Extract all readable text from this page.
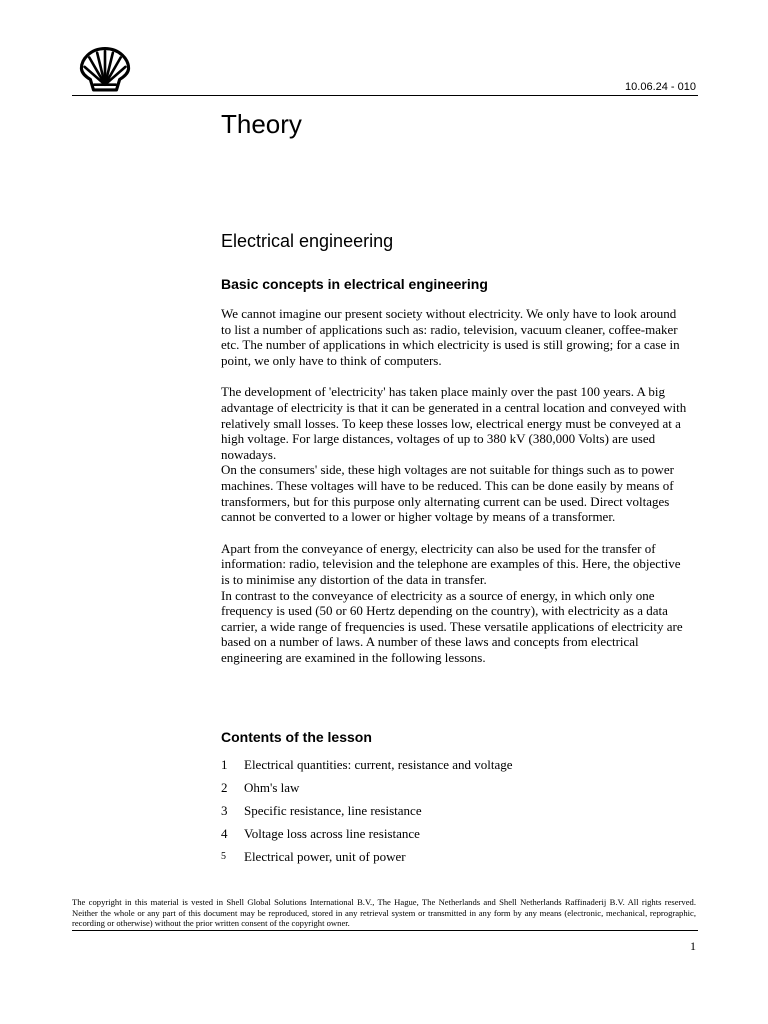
10.06.24 - 010
Theory
Electrical engineering
Basic concepts in electrical engineering

We cannot imagine our present society without electricity. We only have to look around to list a number of applications such as: radio, television, vacuum cleaner, coffee-maker etc. The number of applications in which electricity is used is still growing; for a case in point, we only have to think of computers.

The development of 'electricity' has taken place mainly over the past 100 years. A big advantage of electricity is that it can be generated in a central location and conveyed with relatively small losses. To keep these losses low, electrical energy must be conveyed at a high voltage. For large distances, voltages of up to 380 kV (380,000 Volts) are used nowadays.
On the consumers' side, these high voltages are not suitable for things such as to power machines. These voltages will have to be reduced. This can be done easily by means of transformers, but for this purpose only alternating current can be used. Direct voltages cannot be converted to a lower or higher voltage by means of a transformer.

Apart from the conveyance of energy, electricity can also be used for the transfer of information: radio, television and the telephone are examples of this. Here, the objective is to minimise any distortion of the data in transfer.
In contrast to the conveyance of electricity as a source of energy, in which only one frequency is used (50 or 60 Hertz depending on the country), with electricity as a data carrier, a wide range of frequencies is used. These versatile applications of electricity are based on a number of laws. A number of these laws and concepts from electrical engineering are examined in the following lessons.

Contents of the lesson
1	Electrical quantities: current, resistance and voltage
2	Ohm's law
3	Specific resistance, line resistance
4	Voltage loss across line resistance
5	Electrical power, unit of power
The copyright in this material is vested in Shell Global Solutions International B.V., The Hague, The Netherlands and Shell Netherlands Raffinaderij B.V. All rights reserved. Neither the whole or any part of this document may be reproduced, stored in any retrieval system or transmitted in any form by any means (electronic, mechanical, reprographic, recording or otherwise) without the prior written consent of the copyright owner.
1
